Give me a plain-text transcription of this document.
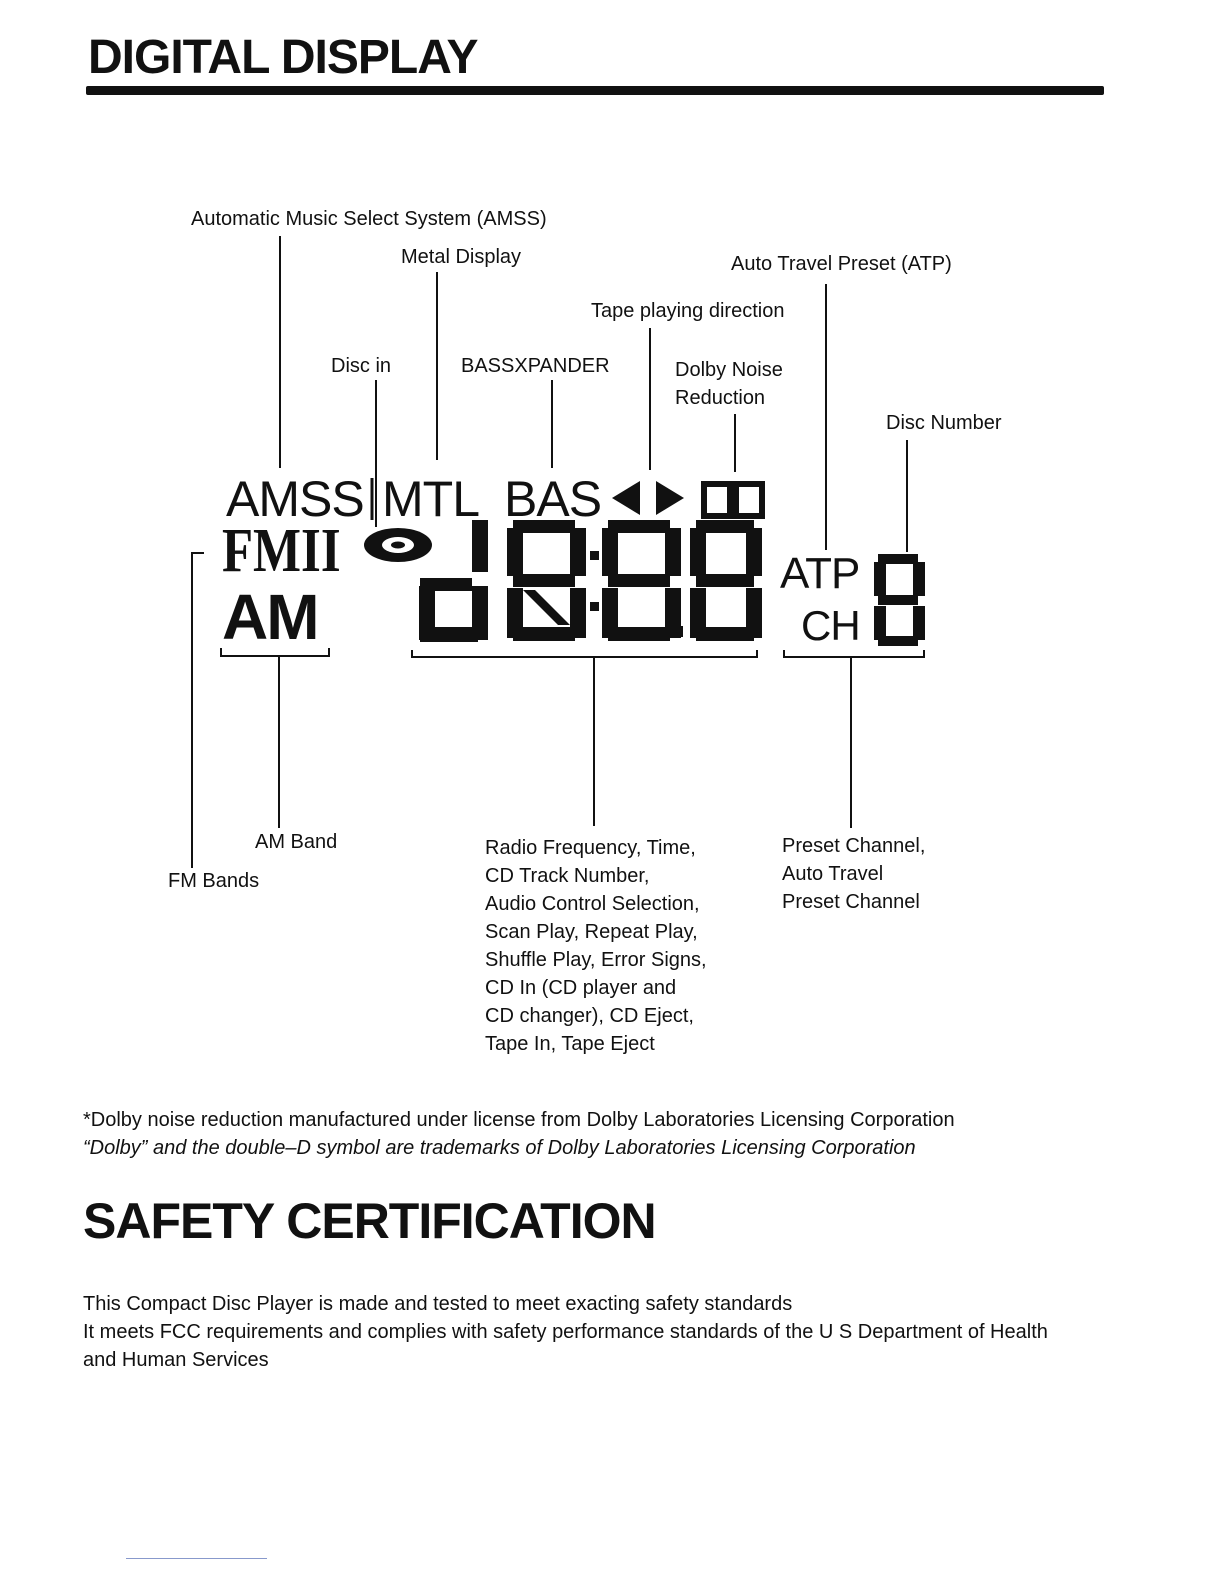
DIGITAL DISPLAY
AMSS MTL BAS
FMII
AM
ATP
CH
Automatic Music Select System (AMSS)
Metal Display	Auto Travel Preset (ATP)
Tape playing direction
Disc in	BASSXPANDER	Dolby Noise
Reduction
Disc Number
AM Band
FM Bands
Radio Frequency, Time,
CD Track Number,
Audio Control Selection,
Scan Play, Repeat Play,
Shuffle Play, Error Signs,
CD In (CD player and
CD changer), CD Eject,
Tape In, Tape Eject
Preset Channel,
Auto Travel
Preset Channel
*Dolby noise reduction manufactured under license from Dolby Laboratories Licensing Corporation
“Dolby” and the double–D symbol are trademarks of Dolby Laboratories Licensing Corporation
SAFETY CERTIFICATION
This Compact Disc Player is made and tested to meet exacting safety standards
It meets FCC requirements and complies with safety performance standards of the U S Department of Health
and Human Services
